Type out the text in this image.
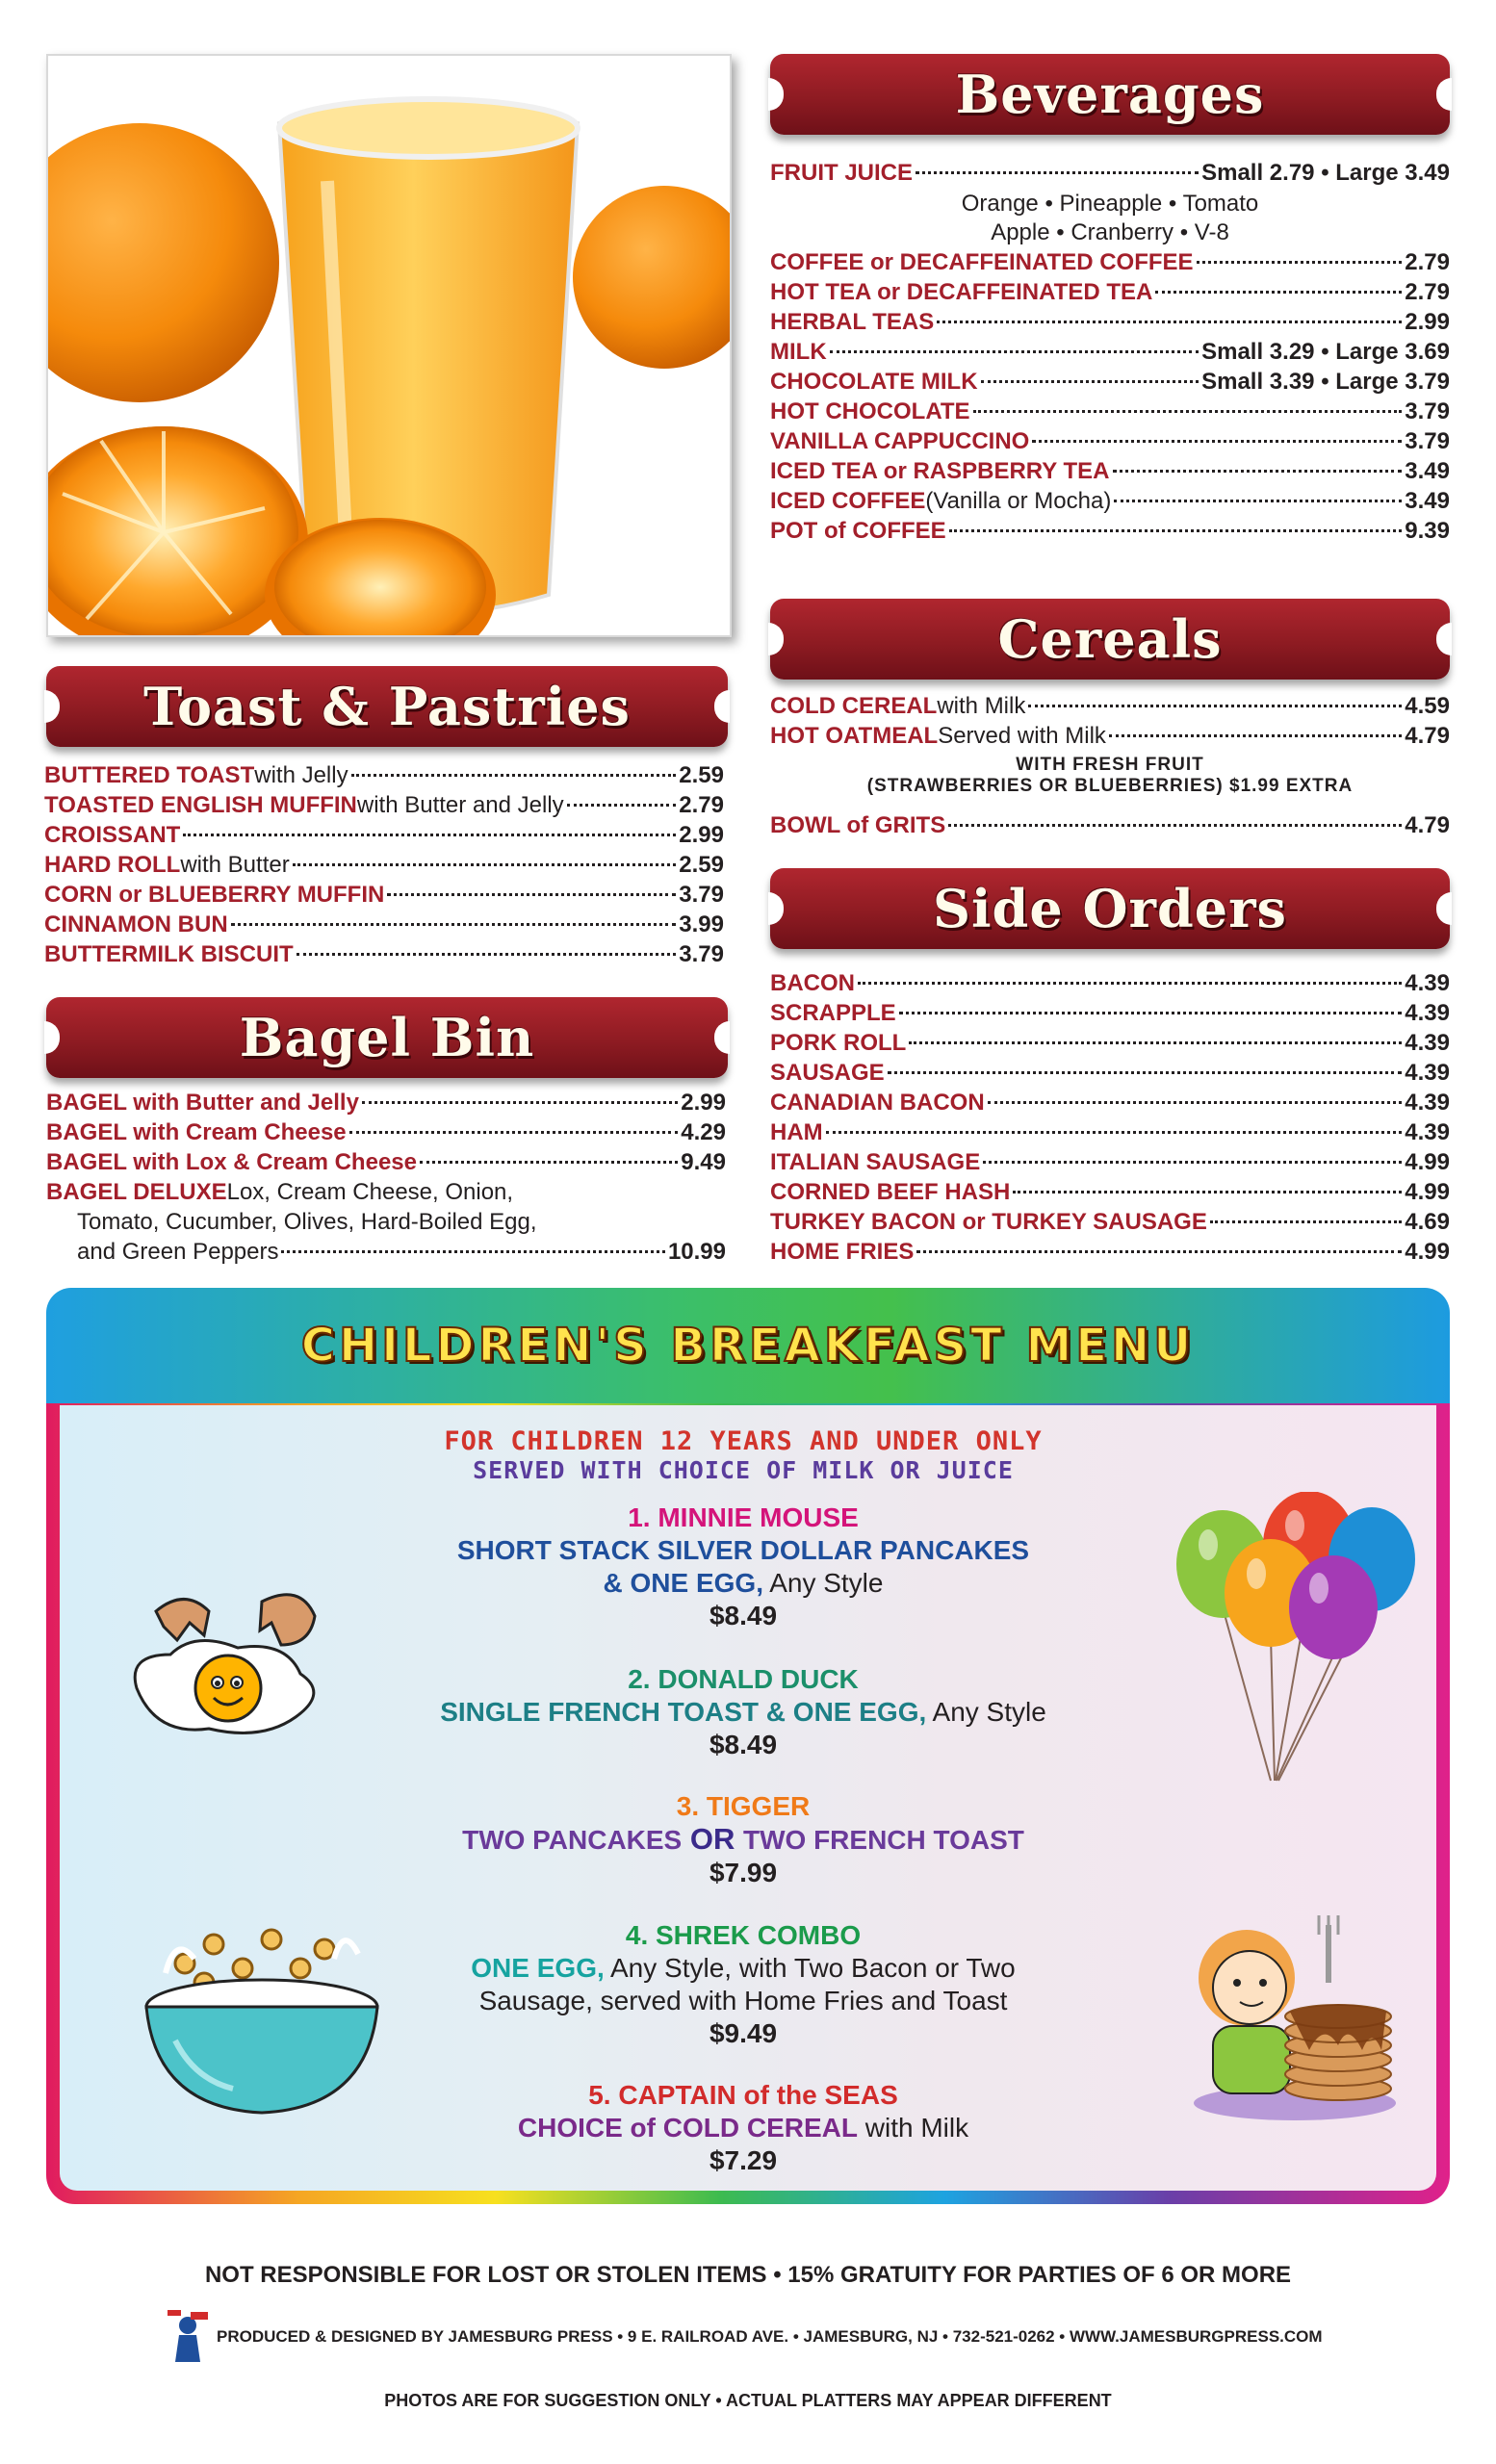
Beverages
FRUIT JUICE	Small 2.79 • Large 3.49
Orange • Pineapple • Tomato
Apple • Cranberry • V-8
COFFEE or DECAFFEINATED COFFEE	2.79
HOT TEA or DECAFFEINATED TEA	2.79
HERBAL TEAS	2.99
MILK	Small 3.29 • Large 3.69
CHOCOLATE MILK	Small 3.39 • Large 3.79
HOT CHOCOLATE	3.79
VANILLA CAPPUCCINO	3.79
ICED TEA or RASPBERRY TEA	3.49
ICED COFFEE (Vanilla or Mocha)	3.49
POT of COFFEE	9.39
Cereals
COLD CEREAL with Milk	4.59
HOT OATMEAL Served with Milk	4.79
WITH FRESH FRUIT
(STRAWBERRIES OR BLUEBERRIES) $1.99 EXTRA
BOWL of GRITS	4.79
Side Orders
BACON	4.39
SCRAPPLE	4.39
PORK ROLL	4.39
SAUSAGE	4.39
CANADIAN BACON	4.39
HAM	4.39
ITALIAN SAUSAGE	4.99
CORNED BEEF HASH	4.99
TURKEY BACON or TURKEY SAUSAGE	4.69
HOME FRIES	4.99
Toast & Pastries
BUTTERED TOAST with Jelly	2.59
TOASTED ENGLISH MUFFIN with Butter and Jelly	2.79
CROISSANT	2.99
HARD ROLL with Butter	2.59
CORN or BLUEBERRY MUFFIN	3.79
CINNAMON BUN	3.99
BUTTERMILK BISCUIT	3.79
Bagel Bin
BAGEL with Butter and Jelly	2.99
BAGEL with Cream Cheese	4.29
BAGEL with Lox & Cream Cheese	9.49
BAGEL DELUXE Lox, Cream Cheese, Onion,
Tomato, Cucumber, Olives, Hard-Boiled Egg,
and Green Peppers	10.99
CHILDREN'S BREAKFAST MENU
FOR CHILDREN 12 YEARS AND UNDER ONLY
SERVED WITH CHOICE OF MILK OR JUICE
1. MINNIE MOUSE
SHORT STACK SILVER DOLLAR PANCAKES
& ONE EGG, Any Style
$8.49
2. DONALD DUCK
SINGLE FRENCH TOAST & ONE EGG, Any Style
$8.49
3. TIGGER
TWO PANCAKES OR TWO FRENCH TOAST
$7.99
4. SHREK COMBO
ONE EGG, Any Style, with Two Bacon or Two
Sausage, served with Home Fries and Toast
$9.49
5. CAPTAIN of the SEAS
CHOICE of COLD CEREAL with Milk
$7.29
NOT RESPONSIBLE FOR LOST OR STOLEN ITEMS • 15% GRATUITY FOR PARTIES OF 6 OR MORE
PRODUCED & DESIGNED BY JAMESBURG PRESS • 9 E. RAILROAD AVE. • JAMESBURG, NJ • 732-521-0262 • WWW.JAMESBURGPRESS.COM
PHOTOS ARE FOR SUGGESTION ONLY • ACTUAL PLATTERS MAY APPEAR DIFFERENT
